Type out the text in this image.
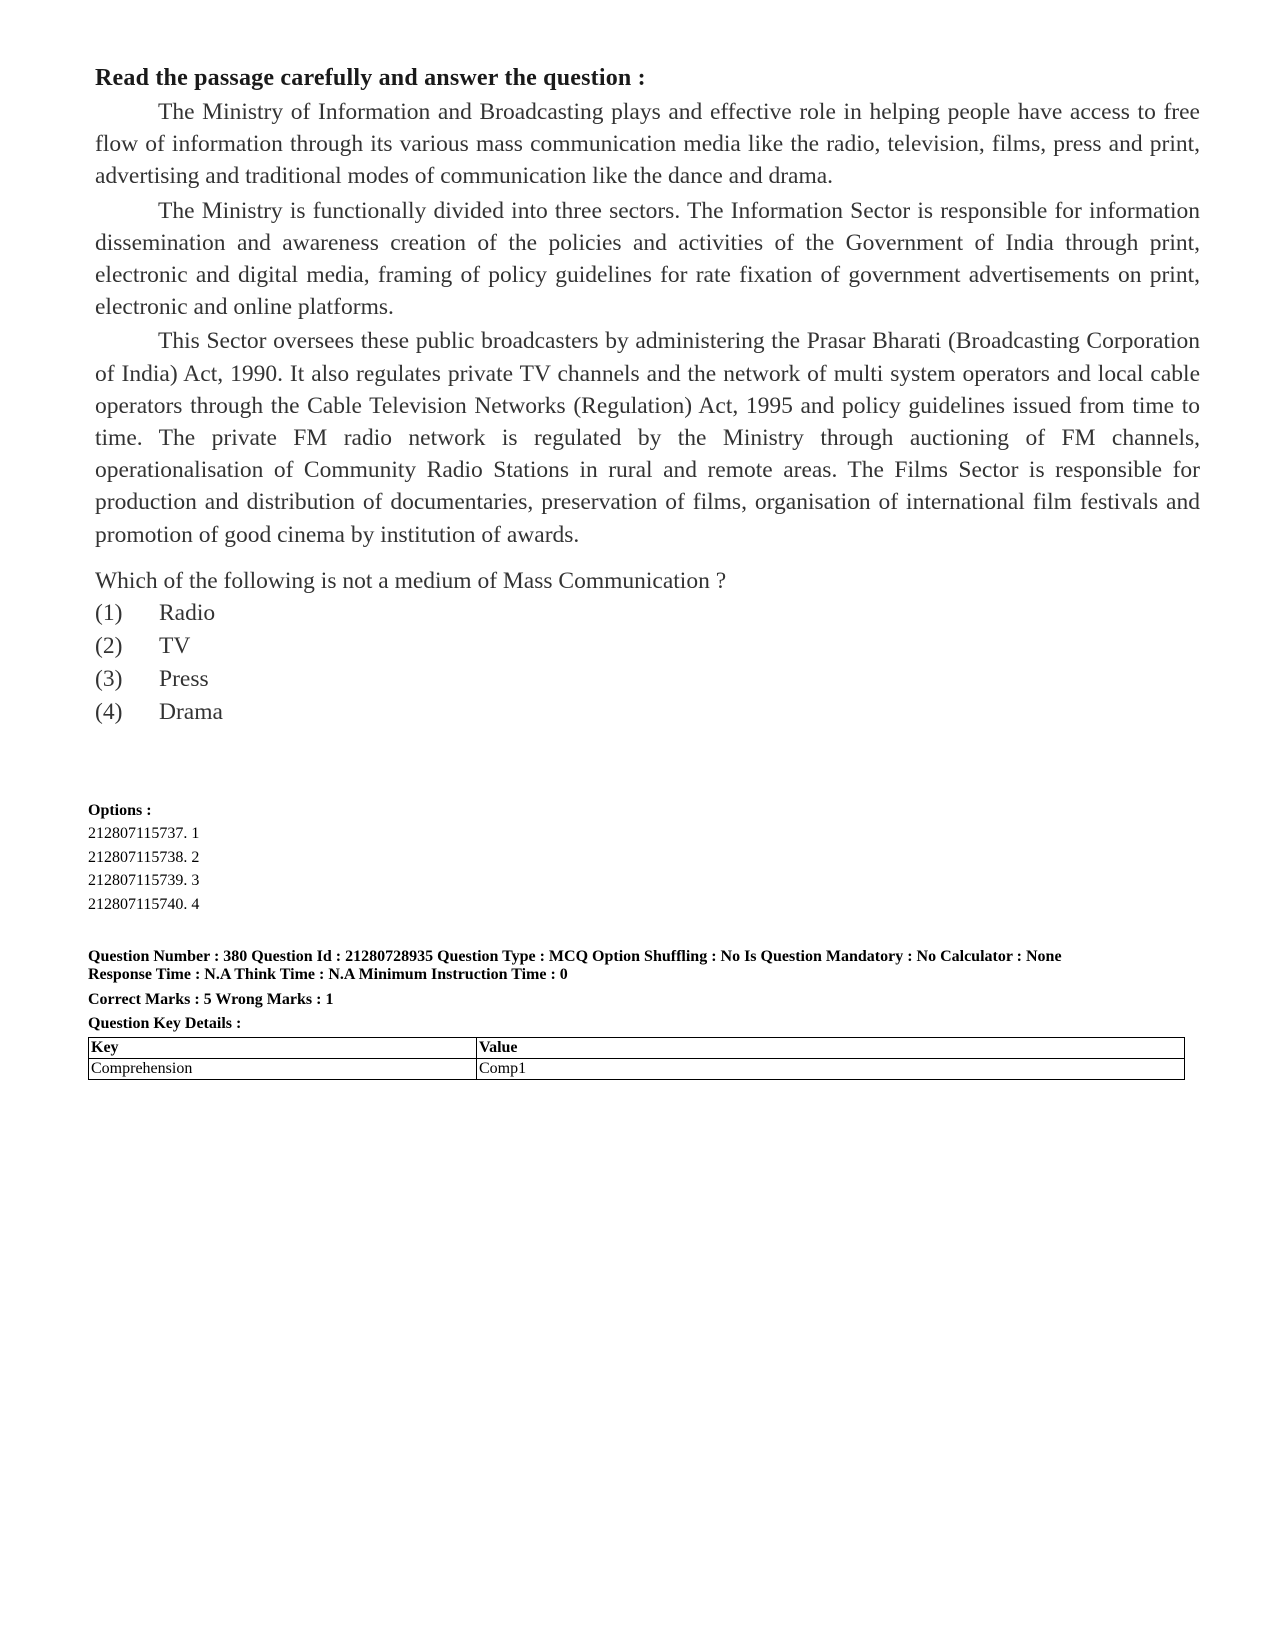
Read the passage carefully and answer the question :

The Ministry of Information and Broadcasting plays and effective role in helping people have access to free flow of information through its various mass communication media like the radio, television, films, press and print, advertising and traditional modes of communication like the dance and drama.

The Ministry is functionally divided into three sectors. The Information Sector is responsible for information dissemination and awareness creation of the policies and activities of the Government of India through print, electronic and digital media, framing of policy guidelines for rate fixation of government advertisements on print, electronic and online platforms.

This Sector oversees these public broadcasters by administering the Prasar Bharati (Broadcasting Corporation of India) Act, 1990. It also regulates private TV channels and the network of multi system operators and local cable operators through the Cable Television Networks (Regulation) Act, 1995 and policy guidelines issued from time to time. The private FM radio network is regulated by the Ministry through auctioning of FM channels, operationalisation of Community Radio Stations in rural and remote areas. The Films Sector is responsible for production and distribution of documentaries, preservation of films, organisation of international film festivals and promotion of good cinema by institution of awards.

Which of the following is not a medium of Mass Communication ?

(1)	Radio
(2)	TV
(3)	Press
(4)	Drama

Options :

212807115737. 1

212807115738. 2

212807115739. 3

212807115740. 4

Question Number : 380 Question Id : 21280728935 Question Type : MCQ Option Shuffling : No Is Question Mandatory : No Calculator : None
Response Time : N.A Think Time : N.A Minimum Instruction Time : 0

Correct Marks : 5 Wrong Marks : 1

Question Key Details :

Key	Value
Comprehension	Comp1
